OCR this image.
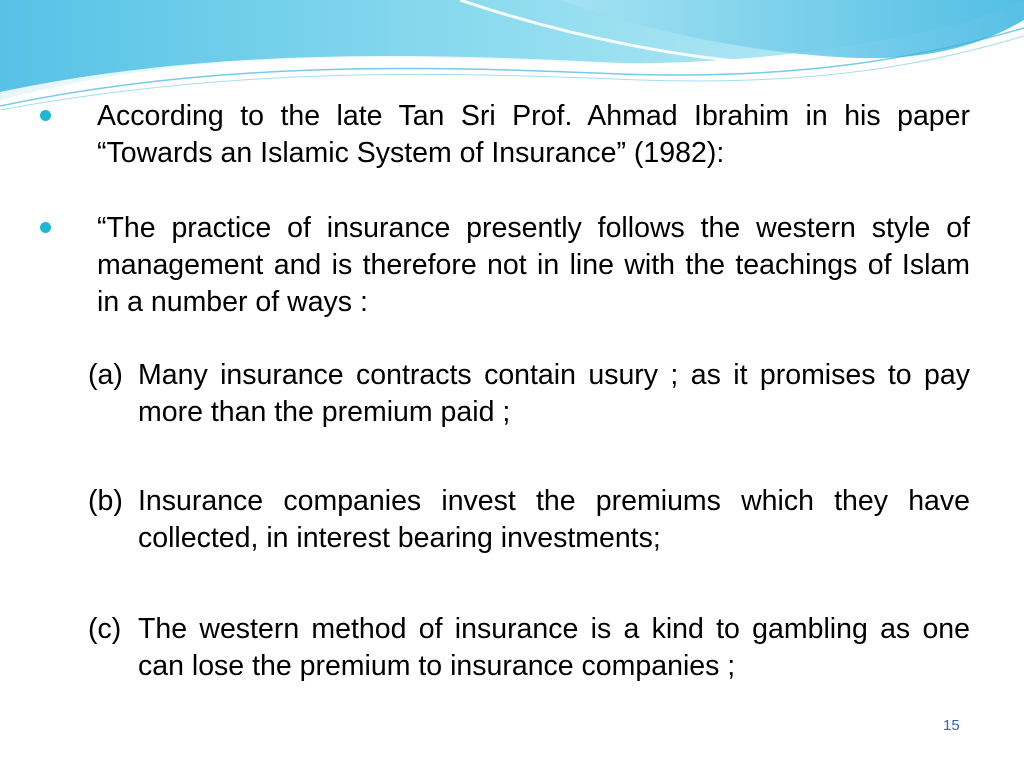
According to the late Tan Sri Prof. Ahmad Ibrahim in his paper “Towards an Islamic System of Insurance” (1982):
“The practice of insurance presently follows the western style of management and is therefore not in line with the teachings of Islam in a number of ways :
(a) Many insurance contracts contain usury ; as it promises to pay more than the premium paid ;
(b) Insurance companies invest the premiums which they have collected, in interest bearing investments;
(c) The western method of insurance is a kind to gambling as one can lose the premium to insurance companies ;
15
